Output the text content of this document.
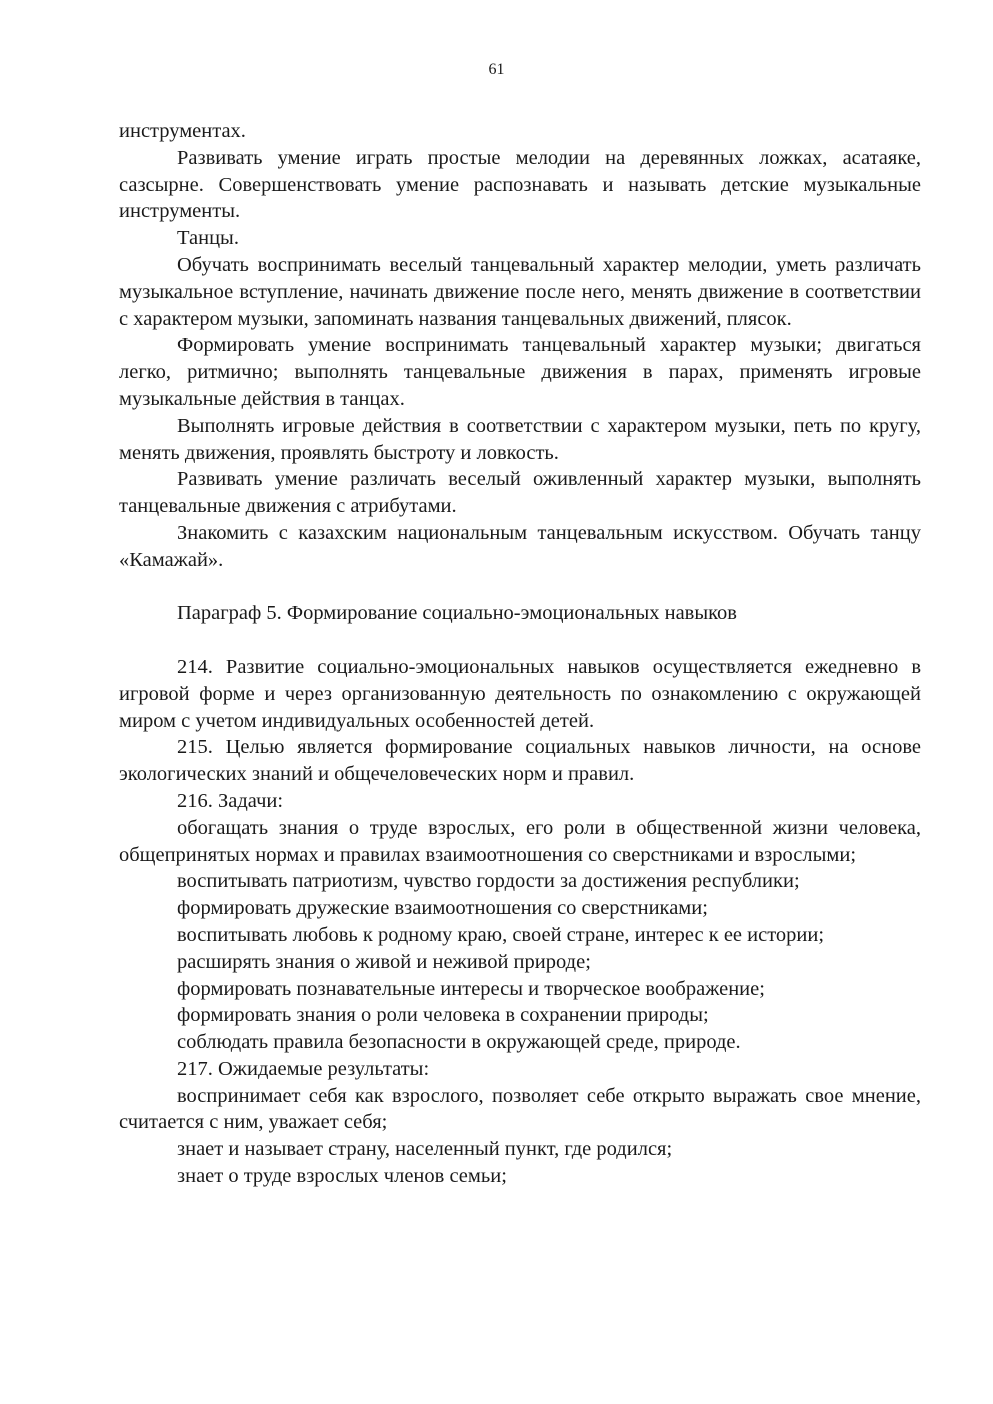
61

инструментах.

Развивать умение играть простые мелодии на деревянных ложках, асатаяке, сазсырне. Совершенствовать умение распознавать и называть детские музыкальные инструменты.

Танцы.

Обучать воспринимать веселый танцевальный характер мелодии, уметь различать музыкальное вступление, начинать движение после него, менять движение в соответствии с характером музыки, запоминать названия танцевальных движений, плясок.

Формировать умение воспринимать танцевальный характер музыки; двигаться легко, ритмично; выполнять танцевальные движения в парах, применять игровые музыкальные действия в танцах.

Выполнять игровые действия в соответствии с характером музыки, петь по кругу, менять движения, проявлять быстроту и ловкость.

Развивать умение различать веселый оживленный характер музыки, выполнять танцевальные движения с атрибутами.

Знакомить с казахским национальным танцевальным искусством. Обучать танцу «Камажай».

Параграф 5. Формирование социально-эмоциональных навыков

214. Развитие социально-эмоциональных навыков осуществляется ежедневно в игровой форме и через организованную деятельность по ознакомлению с окружающей миром с учетом индивидуальных особенностей детей.

215. Целью является формирование социальных навыков личности, на основе экологических знаний и общечеловеческих норм и правил.

216. Задачи:

обогащать знания о труде взрослых, его роли в общественной жизни человека, общепринятых нормах и правилах взаимоотношения со сверстниками и взрослыми;

воспитывать патриотизм, чувство гордости за достижения республики;

формировать дружеские взаимоотношения со сверстниками;

воспитывать любовь к родному краю, своей стране, интерес к ее истории;

расширять знания о живой и неживой природе;

формировать познавательные интересы и творческое воображение;

формировать знания о роли человека в сохранении природы;

соблюдать правила безопасности в окружающей среде, природе.

217. Ожидаемые результаты:

воспринимает себя как взрослого, позволяет себе открыто выражать свое мнение, считается с ним, уважает себя;

знает и называет страну, населенный пункт, где родился;

знает о труде взрослых членов семьи;
